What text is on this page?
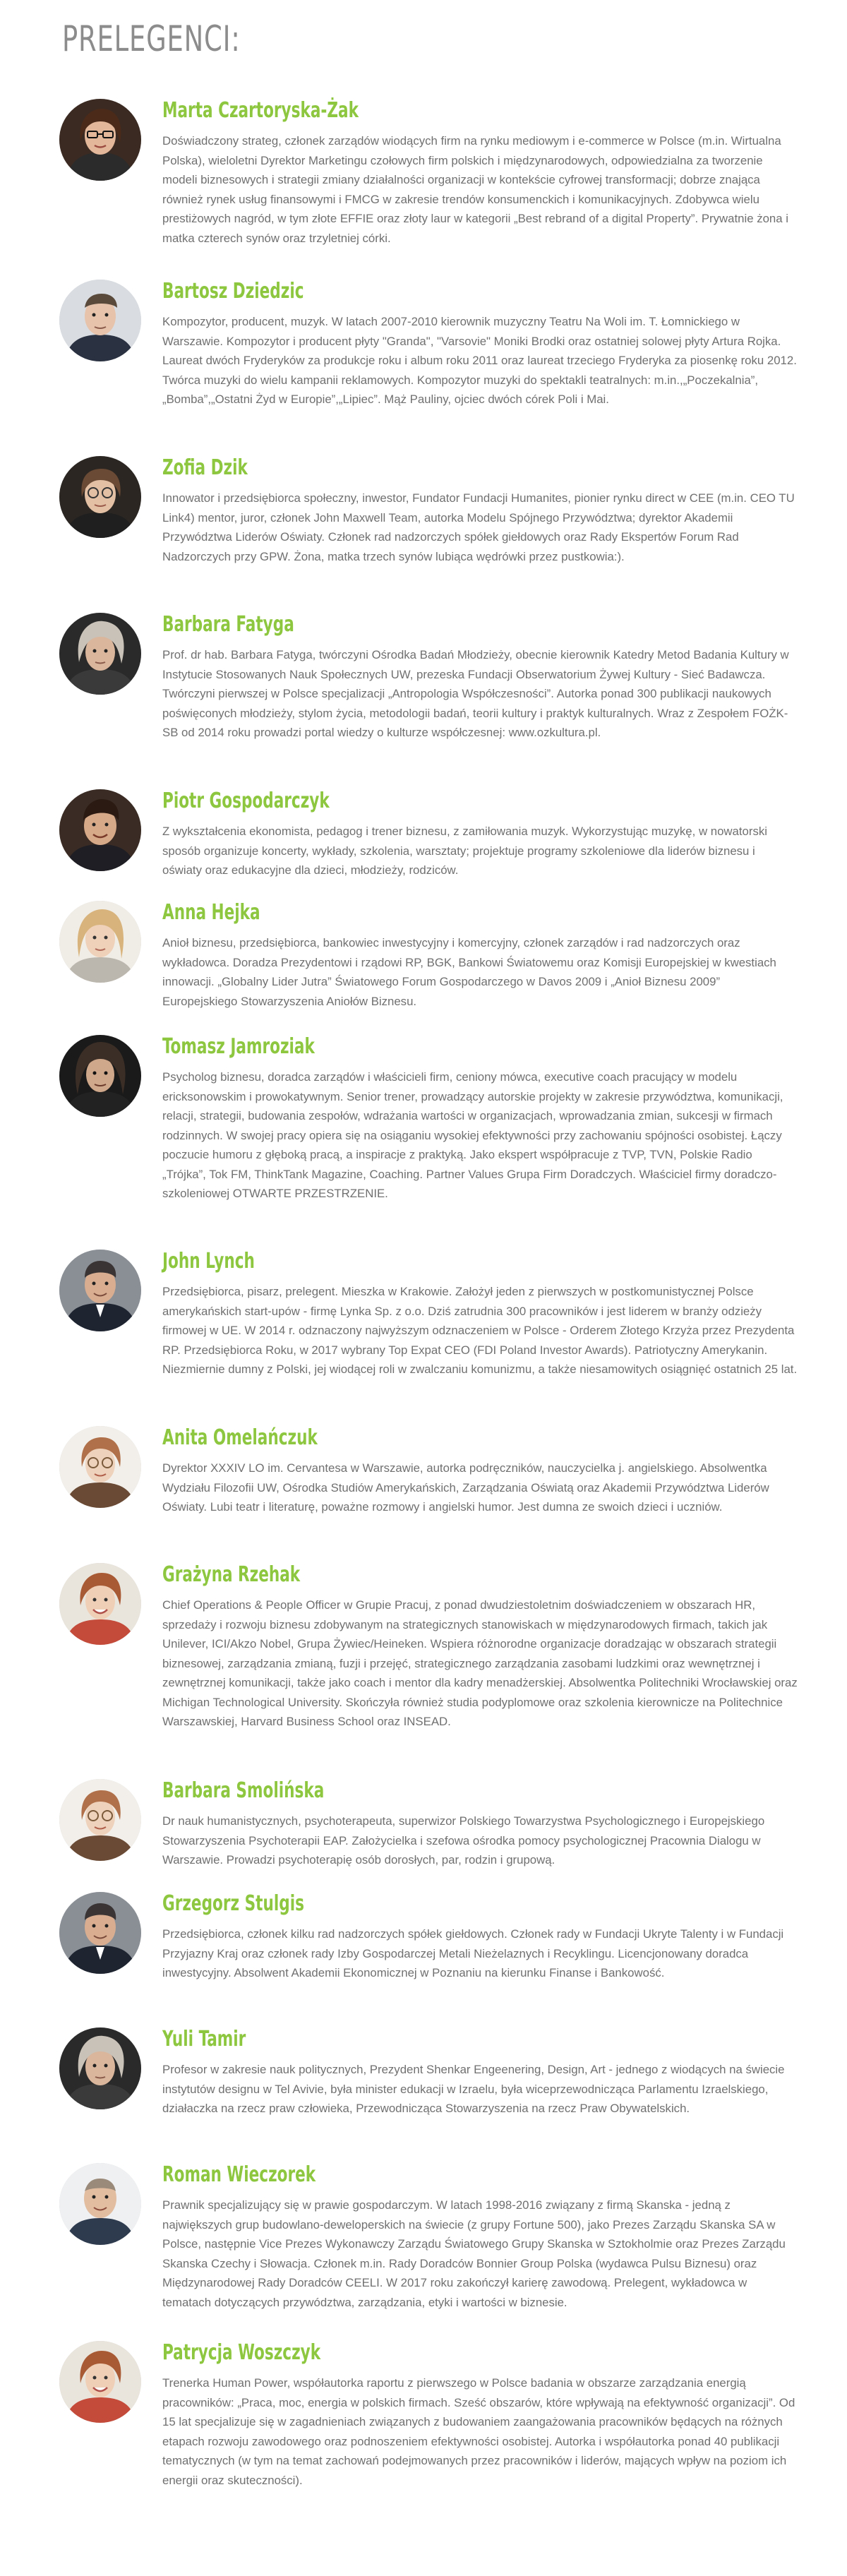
PRELEGENCI:
Marta Czartoryska-Żak

Doświadczony strateg, członek zarządów wiodących firm na rynku mediowym i e-commerce w Polsce (m.in. Wirtualna Polska), wieloletni Dyrektor Marketingu czołowych firm polskich i międzynarodowych, odpowiedzialna za tworzenie modeli biznesowych i strategii zmiany działalności organizacji w kontekście cyfrowej transformacji; dobrze znająca również rynek usług finansowymi i FMCG w zakresie trendów konsumenckich i komunikacyjnych. Zdobywca wielu prestiżowych nagród, w tym złote EFFIE oraz złoty laur w kategorii „Best rebrand of a digital Property”. Prywatnie żona i matka czterech synów oraz trzyletniej córki.

Bartosz Dziedzic

Kompozytor, producent, muzyk. W latach 2007-2010 kierownik muzyczny Teatru Na Woli im. T. Łomnickiego w Warszawie. Kompozytor i producent płyty "Granda", "Varsovie" Moniki Brodki oraz ostatniej solowej płyty Artura Rojka. Laureat dwóch Fryderyków za produkcje roku i album roku 2011 oraz laureat trzeciego Fryderyka za piosenkę roku 2012. Twórca muzyki do wielu kampanii reklamowych. Kompozytor muzyki do spektakli teatralnych: m.in.,„Poczekalnia”,„Bomba”,„Ostatni Żyd w Europie”,„Lipiec”. Mąż Pauliny, ojciec dwóch córek Poli i Mai.

Zofia Dzik

Innowator i przedsiębiorca społeczny, inwestor, Fundator Fundacji Humanites, pionier rynku direct w CEE (m.in. CEO TU Link4) mentor, juror, członek John Maxwell Team, autorka Modelu Spójnego Przywództwa; dyrektor Akademii Przywództwa Liderów Oświaty. Członek rad nadzorczych spółek giełdowych oraz Rady Ekspertów Forum Rad Nadzorczych przy GPW. Żona, matka trzech synów lubiąca wędrówki przez pustkowia:).

Barbara Fatyga

Prof. dr hab. Barbara Fatyga, twórczyni Ośrodka Badań Młodzieży, obecnie kierownik Katedry Metod Badania Kultury w Instytucie Stosowanych Nauk Społecznych UW, prezeska Fundacji Obserwatorium Żywej Kultury - Sieć Badawcza. Twórczyni pierwszej w Polsce specjalizacji „Antropologia Współczesności”. Autorka ponad 300 publikacji naukowych poświęconych młodzieży, stylom życia, metodologii badań, teorii kultury i praktyk kulturalnych. Wraz z Zespołem FOŻK-SB od 2014 roku prowadzi portal wiedzy o kulturze współczesnej: www.ozkultura.pl.

Piotr Gospodarczyk

Z wykształcenia ekonomista, pedagog i trener biznesu, z zamiłowania muzyk. Wykorzystując muzykę, w nowatorski sposób organizuje koncerty, wykłady, szkolenia, warsztaty; projektuje programy szkoleniowe dla liderów biznesu i oświaty oraz edukacyjne dla dzieci, młodzieży, rodziców.

Anna Hejka

Anioł biznesu, przedsiębiorca, bankowiec inwestycyjny i komercyjny, członek zarządów i rad nadzorczych oraz wykładowca. Doradza Prezydentowi i rządowi RP, BGK, Bankowi Światowemu oraz Komisji Europejskiej w kwestiach innowacji. „Globalny Lider Jutra” Światowego Forum Gospodarczego w Davos 2009 i „Anioł Biznesu 2009” Europejskiego Stowarzyszenia Aniołów Biznesu.

Tomasz Jamroziak

Psycholog biznesu, doradca zarządów i właścicieli firm, ceniony mówca, executive coach pracujący w modelu ericksonowskim i prowokatywnym. Senior trener, prowadzący autorskie projekty w zakresie przywództwa, komunikacji, relacji, strategii, budowania zespołów, wdrażania wartości w organizacjach, wprowadzania zmian, sukcesji w firmach rodzinnych. W swojej pracy opiera się na osiąganiu wysokiej efektywności przy zachowaniu spójności osobistej. Łączy poczucie humoru z głęboką pracą, a inspiracje z praktyką. Jako ekspert współpracuje z TVP, TVN, Polskie Radio „Trójka”, Tok FM, ThinkTank Magazine, Coaching. Partner Values Grupa Firm Doradczych. Właściciel firmy doradczo-szkoleniowej OTWARTE PRZESTRZENIE.

John Lynch

Przedsiębiorca, pisarz, prelegent. Mieszka w Krakowie. Założył jeden z pierwszych w postkomunistycznej Polsce amerykańskich start-upów - firmę Lynka Sp. z o.o. Dziś zatrudnia 300 pracowników i jest liderem w branży odzieży firmowej w UE. W 2014 r. odznaczony najwyższym odznaczeniem w Polsce - Orderem Złotego Krzyża przez Prezydenta RP. Przedsiębiorca Roku, w 2017 wybrany Top Expat CEO (FDI Poland Investor Awards). Patriotyczny Amerykanin. Niezmiernie dumny z Polski, jej wiodącej roli w zwalczaniu komunizmu, a także niesamowitych osiągnięć ostatnich 25 lat.

Anita Omelańczuk

Dyrektor XXXIV LO im. Cervantesa w Warszawie, autorka podręczników, nauczycielka j. angielskiego. Absolwentka Wydziału Filozofii UW, Ośrodka Studiów Amerykańskich, Zarządzania Oświatą oraz Akademii Przywództwa Liderów Oświaty. Lubi teatr i literaturę, poważne rozmowy i angielski humor. Jest dumna ze swoich dzieci i uczniów.

Grażyna Rzehak

Chief Operations & People Officer w Grupie Pracuj, z ponad dwudziestoletnim doświadczeniem w obszarach HR, sprzedaży i rozwoju biznesu zdobywanym na strategicznych stanowiskach w międzynarodowych firmach, takich jak Unilever, ICI/Akzo Nobel, Grupa Żywiec/Heineken. Wspiera różnorodne organizacje doradzając w obszarach strategii biznesowej, zarządzania zmianą, fuzji i przejęć, strategicznego zarządzania zasobami ludzkimi oraz wewnętrznej i zewnętrznej komunikacji, także jako coach i mentor dla kadry menadżerskiej. Absolwentka Politechniki Wrocławskiej oraz Michigan Technological University. Skończyła również studia podyplomowe oraz szkolenia kierownicze na Politechnice Warszawskiej, Harvard Business School oraz INSEAD.

Barbara Smolińska

Dr nauk humanistycznych, psychoterapeuta, superwizor Polskiego Towarzystwa Psychologicznego i Europejskiego Stowarzyszenia Psychoterapii EAP. Założycielka i szefowa ośrodka pomocy psychologicznej Pracownia Dialogu w Warszawie. Prowadzi psychoterapię osób dorosłych, par, rodzin i grupową.

Grzegorz Stulgis

Przedsiębiorca, członek kilku rad nadzorczych spółek giełdowych. Członek rady w Fundacji Ukryte Talenty i w Fundacji Przyjazny Kraj oraz członek rady Izby Gospodarczej Metali Nieżelaznych i Recyklingu. Licencjonowany doradca inwestycyjny. Absolwent Akademii Ekonomicznej w Poznaniu na kierunku Finanse i Bankowość.

Yuli Tamir

Profesor w zakresie nauk politycznych, Prezydent Shenkar Engeenering, Design, Art - jednego z wiodących na świecie instytutów designu w Tel Avivie, była minister edukacji w Izraelu, była wiceprzewodnicząca Parlamentu Izraelskiego, działaczka na rzecz praw człowieka, Przewodnicząca Stowarzyszenia na rzecz Praw Obywatelskich.

Roman Wieczorek

Prawnik specjalizujący się w prawie gospodarczym. W latach 1998-2016 związany z firmą Skanska - jedną z największych grup budowlano-deweloperskich na świecie (z grupy Fortune 500), jako Prezes Zarządu Skanska SA w Polsce, następnie Vice Prezes Wykonawczy Zarządu Światowego Grupy Skanska w Sztokholmie oraz Prezes Zarządu Skanska Czechy i Słowacja. Członek m.in. Rady Doradców Bonnier Group Polska (wydawca Pulsu Biznesu) oraz Międzynarodowej Rady Doradców CEELI. W 2017 roku zakończył karierę zawodową. Prelegent, wykładowca w tematach dotyczących przywództwa, zarządzania, etyki i wartości w biznesie.

Patrycja Woszczyk

Trenerka Human Power, współautorka raportu z pierwszego w Polsce badania w obszarze zarządzania energią pracowników: „Praca, moc, energia w polskich firmach. Sześć obszarów, które wpływają na efektywność organizacji”. Od 15 lat specjalizuje się w zagadnieniach związanych z budowaniem zaangażowania pracowników będących na różnych etapach rozwoju zawodowego oraz podnoszeniem efektywności osobistej. Autorka i współautorka ponad 40 publikacji tematycznych (w tym na temat zachowań podejmowanych przez pracowników i liderów, mających wpływ na poziom ich energii oraz skuteczności).
